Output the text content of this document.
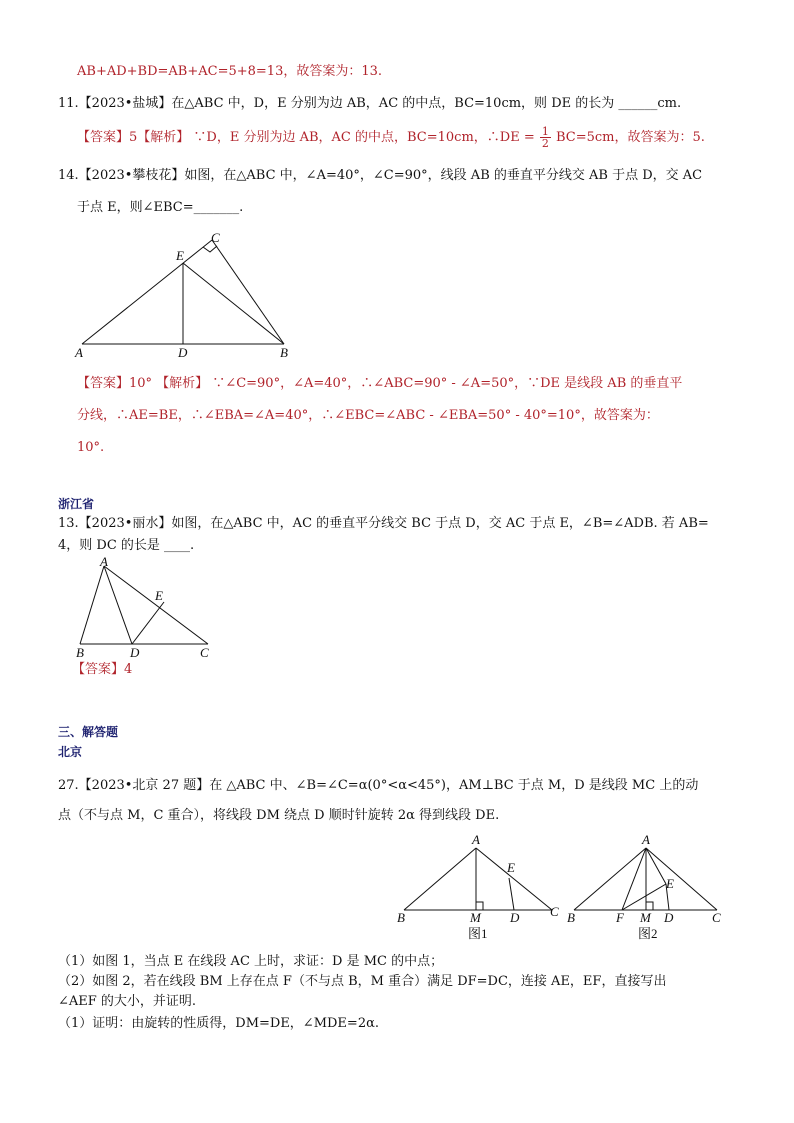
AB+AD+BD=AB+AC=5+8=13，故答案为：13.
11.【2023•盐城】在△ABC 中，D，E 分别为边 AB，AC 的中点，BC=10cm，则 DE 的长为 ______cm.
【答案】5【解析】 ∵D，E 分别为边 AB，AC 的中点，BC=10cm，∴DE = $\frac{1}{2} BC=5cm$，故答案为：5.
14.【2023•攀枝花】如图，在△ABC 中，∠A=40°，∠C=90°，线段 AB 的垂直平分线交 AB 于点 D，交 AC
于点 E，则∠EBC=_______.
A	D	B
E
C
【答案】10° 【解析】 ∵∠C=90°，∠A=40°，∴∠ABC=90° - ∠A=50°，∵DE 是线段 AB 的垂直平
分线，∴AE=BE，∴∠EBA=∠A=40°，∴∠EBC=∠ABC - ∠EBA=50° - 40°=10°，故答案为：
10°.
浙江省
13.【2023•丽水】如图，在△ABC 中，AC 的垂直平分线交 BC 于点 D，交 AC 于点 E，∠B=∠ADB. 若 AB=
4，则 DC 的长是 ____.
A
B	D	C
E
【答案】4
三、解答题
北京
27.【2023•北京 27 题】在 △ABC 中、∠B=∠C=α(0°<α<45°)，AM⊥BC 于点 M，D 是线段 MC 上的动
点（不与点 M，C 重合），将线段 DM 绕点 D 顺时针旋转 2α 得到线段 DE.
A
B	M D C
E
图1
A
B	F M D	C
E
图2
（1）如图 1，当点 E 在线段 AC 上时，求证：D 是 MC 的中点；
（2）如图 2，若在线段 BM 上存在点 F（不与点 B，M 重合）满足 DF=DC，连接 AE，EF，直接写出
∠AEF 的大小，并证明.
（1）证明：由旋转的性质得，DM=DE，∠MDE=2α.
